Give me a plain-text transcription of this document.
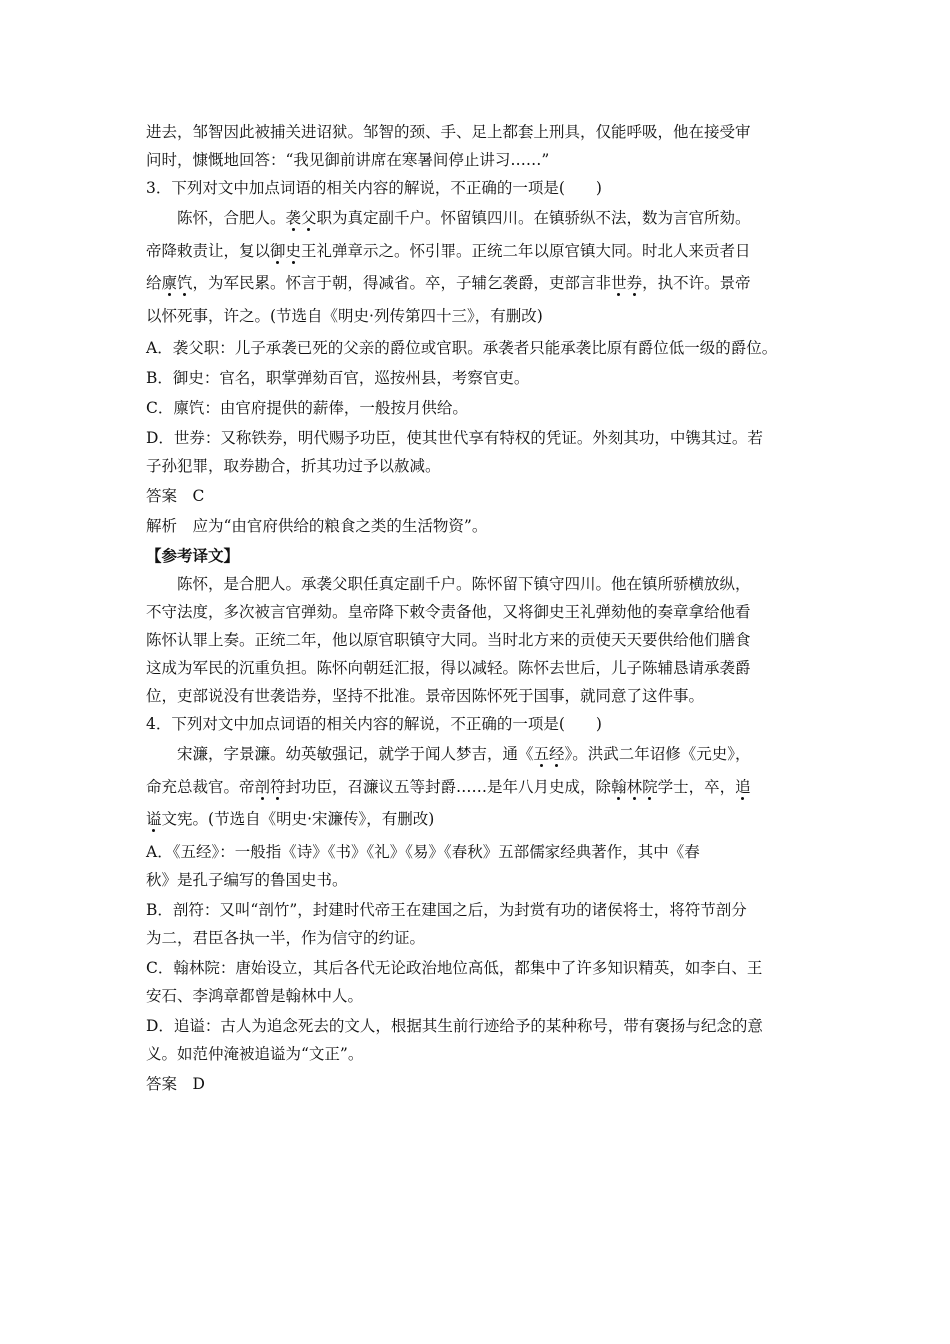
进去，邹智因此被捕关进诏狱。邹智的颈、手、足上都套上刑具，仅能呼吸，他在接受审
问时，慷慨地回答：“我见御前讲席在寒暑间停止讲习……”
3．下列对文中加点词语的相关内容的解说，不正确的一项是(　　)
陈怀，合肥人。袭父职为真定副千户。怀留镇四川。在镇骄纵不法，数为言官所劾。
帝降敕责让，复以御史王礼弹章示之。怀引罪。正统二年以原官镇大同。时北人来贡者日
给廪饩，为军民累。怀言于朝，得减省。卒，子辅乞袭爵，吏部言非世券，执不许。景帝
以怀死事，许之。(节选自《明史·列传第四十三》，有删改)
A．袭父职：儿子承袭已死的父亲的爵位或官职。承袭者只能承袭比原有爵位低一级的爵位。
B．御史：官名，职掌弹劾百官，巡按州县，考察官吏。
C．廪饩：由官府提供的薪俸，一般按月供给。
D．世券：又称铁券，明代赐予功臣，使其世代享有特权的凭证。外刻其功，中镌其过。若
子孙犯罪，取券勘合，折其功过予以赦减。
答案　C
解析　应为“由官府供给的粮食之类的生活物资”。
【参考译文】
陈怀，是合肥人。承袭父职任真定副千户。陈怀留下镇守四川。他在镇所骄横放纵，
不守法度，多次被言官弹劾。皇帝降下敕令责备他，又将御史王礼弹劾他的奏章拿给他看
陈怀认罪上奏。正统二年，他以原官职镇守大同。当时北方来的贡使天天要供给他们膳食
这成为军民的沉重负担。陈怀向朝廷汇报，得以减轻。陈怀去世后，儿子陈辅恳请承袭爵
位，吏部说没有世袭诰券，坚持不批准。景帝因陈怀死于国事，就同意了这件事。
4．下列对文中加点词语的相关内容的解说，不正确的一项是(　　)
宋濂，字景濂。幼英敏强记，就学于闻人梦吉，通《五经》。洪武二年诏修《元史》，
命充总裁官。帝剖符封功臣，召濂议五等封爵……是年八月史成，除翰林院学士，卒，追
谥文宪。(节选自《明史·宋濂传》，有删改)
A．《五经》：一般指《诗》《书》《礼》《易》《春秋》五部儒家经典著作，其中《春
秋》是孔子编写的鲁国史书。
B．剖符：又叫“剖竹”，封建时代帝王在建国之后，为封赏有功的诸侯将士，将符节剖分
为二，君臣各执一半，作为信守的约证。
C．翰林院：唐始设立，其后各代无论政治地位高低，都集中了许多知识精英，如李白、王
安石、李鸿章都曾是翰林中人。
D．追谥：古人为追念死去的文人，根据其生前行迹给予的某种称号，带有褒扬与纪念的意
义。如范仲淹被追谥为“文正”。
答案　D
